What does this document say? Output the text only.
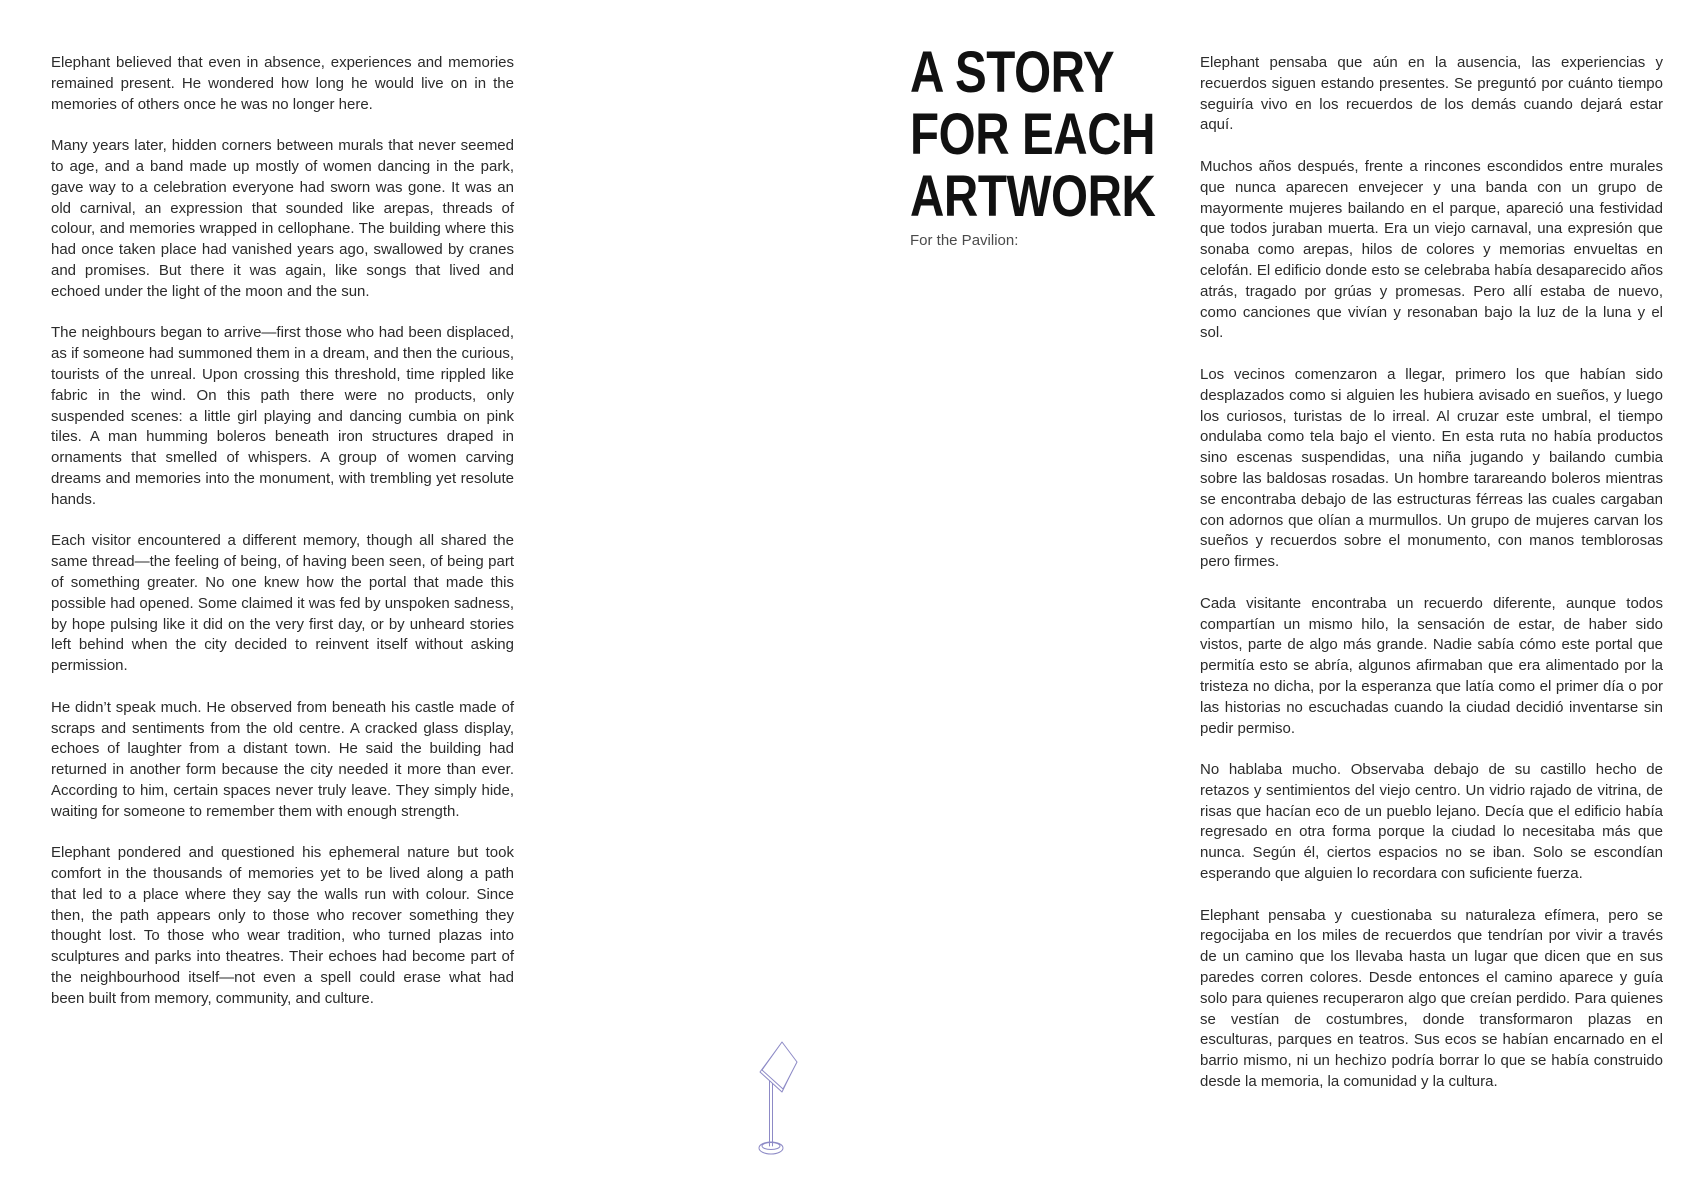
Elephant believed that even in absence, experiences and memories remained present. He wondered how long he would live on in the memories of others once he was no longer here.

Many years later, hidden corners between murals that never seemed to age, and a band made up mostly of women dancing in the park, gave way to a celebration everyone had sworn was gone. It was an old carnival, an expression that sounded like arepas, threads of colour, and memories wrapped in cellophane. The building where this had once taken place had vanished years ago, swallowed by cranes and promises. But there it was again, like songs that lived and echoed under the light of the moon and the sun.

The neighbours began to arrive—first those who had been displaced, as if someone had summoned them in a dream, and then the curious, tourists of the unreal. Upon crossing this threshold, time rippled like fabric in the wind. On this path there were no products, only suspended scenes: a little girl playing and dancing cumbia on pink tiles. A man humming boleros beneath iron structures draped in ornaments that smelled of whispers. A group of women carving dreams and memories into the monument, with trembling yet resolute hands.

Each visitor encountered a different memory, though all shared the same thread—the feeling of being, of having been seen, of being part of something greater. No one knew how the portal that made this possible had opened. Some claimed it was fed by unspoken sadness, by hope pulsing like it did on the very first day, or by unheard stories left behind when the city decided to reinvent itself without asking permission.

He didn’t speak much. He observed from beneath his castle made of scraps and sentiments from the old centre. A cracked glass display, echoes of laughter from a distant town. He said the building had returned in another form because the city needed it more than ever. According to him, certain spaces never truly leave. They simply hide, waiting for someone to remember them with enough strength.

Elephant pondered and questioned his ephemeral nature but took comfort in the thousands of memories yet to be lived along a path that led to a place where they say the walls run with colour. Since then, the path appears only to those who recover something they thought lost. To those who wear tradition, who turned plazas into sculptures and parks into theatres. Their echoes had become part of the neighbourhood itself—not even a spell could erase what had been built from memory, community, and culture.

A STORY
FOR EACH
ARTWORK
For the Pavilion:

Elephant pensaba que aún en la ausencia, las experiencias y recuerdos siguen estando presentes. Se preguntó por cuánto tiempo seguiría vivo en los recuerdos de los demás cuando dejará estar aquí.

Muchos años después, frente a rincones escondidos entre murales que nunca aparecen envejecer y una banda con un grupo de mayormente mujeres bailando en el parque, apareció una festividad que todos juraban muerta. Era un viejo carnaval, una expresión que sonaba como arepas, hilos de colores y memorias envueltas en celofán. El edificio donde esto se celebraba había desaparecido años atrás, tragado por grúas y promesas. Pero allí estaba de nuevo, como canciones que vivían y resonaban bajo la luz de la luna y el sol.

Los vecinos comenzaron a llegar, primero los que habían sido desplazados como si alguien les hubiera avisado en sueños, y luego los curiosos, turistas de lo irreal. Al cruzar este umbral, el tiempo ondulaba como tela bajo el viento. En esta ruta no había productos sino escenas suspendidas, una niña jugando y bailando cumbia sobre las baldosas rosadas. Un hombre tarareando boleros mientras se encontraba debajo de las estructuras férreas las cuales cargaban con adornos que olían a murmullos. Un grupo de mujeres carvan los sueños y recuerdos sobre el monumento, con manos temblorosas pero firmes.

Cada visitante encontraba un recuerdo diferente, aunque todos compartían un mismo hilo, la sensación de estar, de haber sido vistos, parte de algo más grande. Nadie sabía cómo este portal que permitía esto se abría, algunos afirmaban que era alimentado por la tristeza no dicha, por la esperanza que latía como el primer día o por las historias no escuchadas cuando la ciudad decidió inventarse sin pedir permiso.

No hablaba mucho. Observaba debajo de su castillo hecho de retazos y sentimientos del viejo centro. Un vidrio rajado de vitrina, de risas que hacían eco de un pueblo lejano. Decía que el edificio había regresado en otra forma porque la ciudad lo necesitaba más que nunca. Según él, ciertos espacios no se iban. Solo se escondían esperando que alguien lo recordara con suficiente fuerza.

Elephant pensaba y cuestionaba su naturaleza efímera, pero se regocijaba en los miles de recuerdos que tendrían por vivir a través de un camino que los llevaba hasta un lugar que dicen que en sus paredes corren colores. Desde entonces el camino aparece y guía solo para quienes recuperaron algo que creían perdido. Para quienes se vestían de costumbres, donde transformaron plazas en esculturas, parques en teatros. Sus ecos se habían encarnado en el barrio mismo, ni un hechizo podría borrar lo que se había construido desde la memoria, la comunidad y la cultura.
